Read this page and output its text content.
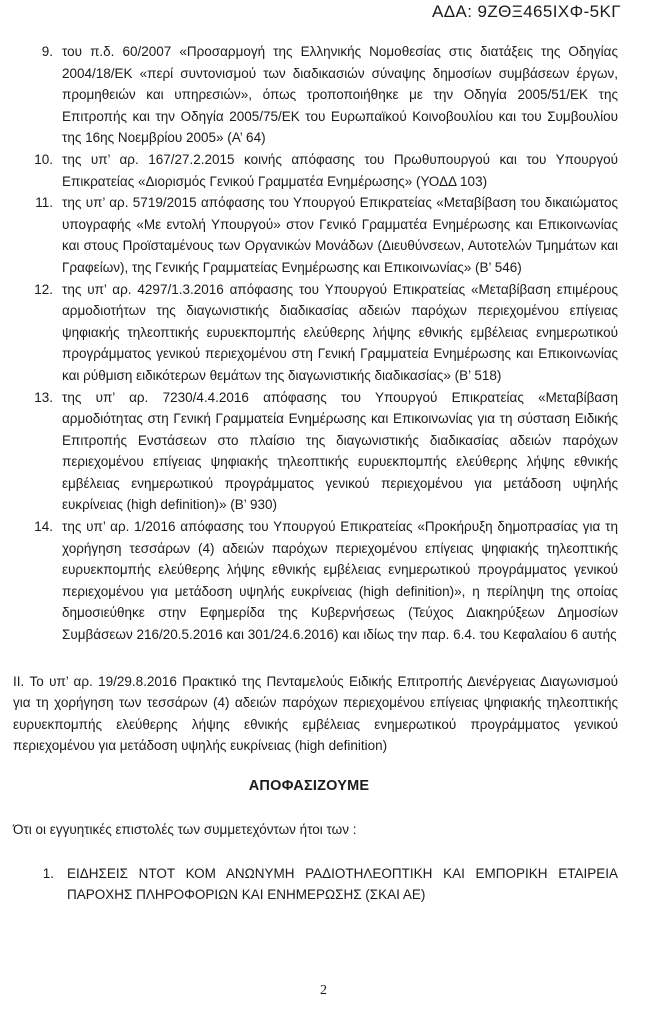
ΑΔΑ: 9ΖΘΞ465ΙΧΦ-5ΚΓ
9. του π.δ. 60/2007 «Προσαρμογή της Ελληνικής Νομοθεσίας στις διατάξεις της Οδηγίας 2004/18/ΕΚ «περί συντονισμού των διαδικασιών σύναψης δημοσίων συμβάσεων έργων, προμηθειών και υπηρεσιών», όπως τροποποιήθηκε με την Οδηγία 2005/51/ΕΚ της Επιτροπής και την Οδηγία 2005/75/ΕΚ του Ευρωπαϊκού Κοινοβουλίου και του Συμβουλίου της 16ης Νοεμβρίου 2005» (Α’ 64)
10. της υπ’ αρ. 167/27.2.2015 κοινής απόφασης του Πρωθυπουργού και του Υπουργού Επικρατείας «Διορισμός Γενικού Γραμματέα Ενημέρωσης» (ΥΟΔΔ 103)
11. της υπ’ αρ. 5719/2015 απόφασης του Υπουργού Επικρατείας «Μεταβίβαση του δικαιώματος υπογραφής «Με εντολή Υπουργού» στον Γενικό Γραμματέα Ενημέρωσης και Επικοινωνίας και στους Προϊσταμένους των Οργανικών Μονάδων (Διευθύνσεων, Αυτοτελών Τμημάτων και Γραφείων), της Γενικής Γραμματείας Ενημέρωσης και Επικοινωνίας» (Β’ 546)
12. της υπ’ αρ. 4297/1.3.2016 απόφασης του Υπουργού Επικρατείας «Μεταβίβαση επιμέρους αρμοδιοτήτων της διαγωνιστικής διαδικασίας αδειών παρόχων περιεχομένου επίγειας ψηφιακής τηλεοπτικής ευρυεκπομπής ελεύθερης λήψης εθνικής εμβέλειας ενημερωτικού προγράμματος γενικού περιεχομένου στη Γενική Γραμματεία Ενημέρωσης και Επικοινωνίας και ρύθμιση ειδικότερων θεμάτων της διαγωνιστικής διαδικασίας» (Β’ 518)
13. της υπ’ αρ. 7230/4.4.2016 απόφασης του Υπουργού Επικρατείας «Μεταβίβαση αρμοδιότητας στη Γενική Γραμματεία Ενημέρωσης και Επικοινωνίας για τη σύσταση Ειδικής Επιτροπής Ενστάσεων στο πλαίσιο της διαγωνιστικής διαδικασίας αδειών παρόχων περιεχομένου επίγειας ψηφιακής τηλεοπτικής ευρυεκπομπής ελεύθερης λήψης εθνικής εμβέλειας ενημερωτικού προγράμματος γενικού περιεχομένου για μετάδοση υψηλής ευκρίνειας (high definition)» (Β’ 930)
14. της υπ’ αρ. 1/2016 απόφασης του Υπουργού Επικρατείας «Προκήρυξη δημοπρασίας για τη χορήγηση τεσσάρων (4) αδειών παρόχων περιεχομένου επίγειας ψηφιακής τηλεοπτικής ευρυεκπομπής ελεύθερης λήψης εθνικής εμβέλειας ενημερωτικού προγράμματος γενικού περιεχομένου για μετάδοση υψηλής ευκρίνειας (high definition)», η περίληψη της οποίας δημοσιεύθηκε στην Εφημερίδα της Κυβερνήσεως (Τεύχος Διακηρύξεων Δημοσίων Συμβάσεων 216/20.5.2016 και 301/24.6.2016) και ιδίως την παρ. 6.4. του Κεφαλαίου 6 αυτής
II. Το υπ’ αρ. 19/29.8.2016 Πρακτικό της Πενταμελούς Ειδικής Επιτροπής Διενέργειας Διαγωνισμού για τη χορήγηση των τεσσάρων (4) αδειών παρόχων περιεχομένου επίγειας ψηφιακής τηλεοπτικής ευρυεκπομπής ελεύθερης λήψης εθνικής εμβέλειας ενημερωτικού προγράμματος γενικού περιεχομένου για μετάδοση υψηλής ευκρίνειας (high definition)
ΑΠΟΦΑΣΙΖΟΥΜΕ
Ότι οι εγγυητικές επιστολές των συμμετεχόντων ήτοι των :
1. ΕΙΔΗΣΕΙΣ ΝΤΟΤ ΚΟΜ ΑΝΩΝΥΜΗ ΡΑΔΙΟΤΗΛΕΟΠΤΙΚΗ ΚΑΙ ΕΜΠΟΡΙΚΗ ΕΤΑΙΡΕΙΑ ΠΑΡΟΧΗΣ ΠΛΗΡΟΦΟΡΙΩΝ ΚΑΙ ΕΝΗΜΕΡΩΣΗΣ (ΣΚΑΙ ΑΕ)
2
